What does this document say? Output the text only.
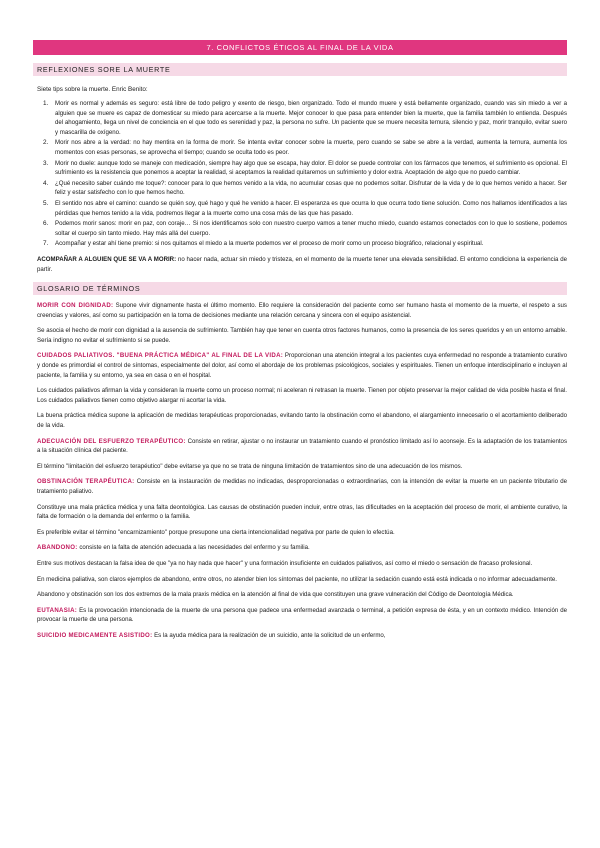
7. CONFLICTOS ÉTICOS AL FINAL DE LA VIDA
REFLEXIONES SORE LA MUERTE
Siete tips sobre la muerte. Enric Benito:
1. Morir es normal y además es seguro: está libre de todo peligro y exento de riesgo, bien organizado. Todo el mundo muere y está bellamente organizado, cuando vas sin miedo a ver a alguien que se muere es capaz de domesticar su miedo para acercarse a la muerte. Mejor conocer lo que pasa para entender bien la muerte, que la familia también lo entienda. Después del ahogamiento, llega un nivel de conciencia en el que todo es serenidad y paz, la persona no sufre. Un paciente que se muere necesita ternura, silencio y paz, morir tranquilo, evitar suero y mascarilla de oxígeno.
2. Morir nos abre a la verdad: no hay mentira en la forma de morir. Se intenta evitar conocer sobre la muerte, pero cuando se sabe se abre a la verdad, aumenta la ternura, aumenta los momentos con esas personas, se aprovecha el tiempo; cuando se oculta todo es peor.
3. Morir no duele: aunque todo se maneje con medicación, siempre hay algo que se escapa, hay dolor. El dolor se puede controlar con los fármacos que tenemos, el sufrimiento es opcional. El sufrimiento es la resistencia que ponemos a aceptar la realidad, si aceptamos la realidad quitaremos un sufrimiento y dolor extra. Aceptación de algo que no puedo cambiar.
4. ¿Qué necesito saber cuándo me toque?: conocer para lo que hemos venido a la vida, no acumular cosas que no podemos soltar. Disfrutar de la vida y de lo que hemos venido a hacer. Ser feliz y estar satisfecho con lo que hemos hecho.
5. El sentido nos abre el camino: cuando se quién soy, qué hago y qué he venido a hacer. El esperanza es que ocurra lo que ocurra todo tiene solución. Como nos hallamos identificados a las pérdidas que hemos tenido a la vida, podremos llegar a la muerte como una cosa más de las que has pasado.
6. Podemos morir sanos: morir en paz, con coraje… Si nos identificamos solo con nuestro cuerpo vamos a tener mucho miedo, cuando estamos conectados con lo que lo sostiene, podemos soltar el cuerpo sin tanto miedo. Hay más allá del cuerpo.
7. Acompañar y estar ahí tiene premio: si nos quitamos el miedo a la muerte podemos ver el proceso de morir como un proceso biográfico, relacional y espiritual.

ACOMPAÑAR A ALGUIEN QUE SE VA A MORIR: no hacer nada, actuar sin miedo y tristeza, en el momento de la muerte tener una elevada sensibilidad. El entorno condiciona la experiencia de partir.

GLOSARIO DE TÉRMINOS

MORIR CON DIGNIDAD: Supone vivir dignamente hasta el último momento. Ello requiere la consideración del paciente como ser humano hasta el momento de la muerte, el respeto a sus creencias y valores, así como su participación en la toma de decisiones mediante una relación cercana y sincera con el equipo asistencial.

Se asocia el hecho de morir con dignidad a la ausencia de sufrimiento. También hay que tener en cuenta otros factores humanos, como la presencia de los seres queridos y en un entorno amable. Sería indigno no evitar el sufrimiento si se puede.

CUIDADOS PALIATIVOS. "BUENA PRÁCTICA MÉDICA" AL FINAL DE LA VIDA: Proporcionan una atención integral a los pacientes cuya enfermedad no responde a tratamiento curativo y donde es primordial el control de síntomas, especialmente del dolor, así como el abordaje de los problemas psicológicos, sociales y espirituales. Tienen un enfoque interdisciplinario e incluyen al paciente, la familia y su entorno, ya sea en casa o en el hospital.

Los cuidados paliativos afirman la vida y consideran la muerte como un proceso normal; ni aceleran ni retrasan la muerte. Tienen por objeto preservar la mejor calidad de vida posible hasta el final. Los cuidados paliativos tienen como objetivo alargar ni acortar la vida.

La buena práctica médica supone la aplicación de medidas terapéuticas proporcionadas, evitando tanto la obstinación como el abandono, el alargamiento innecesario o el acortamiento deliberado de la vida.

ADECUACIÓN DEL ESFUERZO TERAPÉUTICO: Consiste en retirar, ajustar o no instaurar un tratamiento cuando el pronóstico limitado así lo aconseje. Es la adaptación de los tratamientos a la situación clínica del paciente.

El término "limitación del esfuerzo terapéutico" debe evitarse ya que no se trata de ninguna limitación de tratamientos sino de una adecuación de los mismos.

OBSTINACIÓN TERAPÉUTICA: Consiste en la instauración de medidas no indicadas, desproporcionadas o extraordinarias, con la intención de evitar la muerte en un paciente tributario de tratamiento paliativo.

Constituye una mala práctica médica y una falta deontológica. Las causas de obstinación pueden incluir, entre otras, las dificultades en la aceptación del proceso de morir, el ambiente curativo, la falta de formación o la demanda del enfermo o la familia.

Es preferible evitar el término "encarnizamiento" porque presupone una cierta intencionalidad negativa por parte de quien lo efectúa.

ABANDONO: consiste en la falta de atención adecuada a las necesidades del enfermo y su familia.

Entre sus motivos destacan la falsa idea de que "ya no hay nada que hacer" y una formación insuficiente en cuidados paliativos, así como el miedo o sensación de fracaso profesional.

En medicina paliativa, son claros ejemplos de abandono, entre otros, no atender bien los síntomas del paciente, no utilizar la sedación cuando está está indicada o no informar adecuadamente.

Abandono y obstinación son los dos extremos de la mala praxis médica en la atención al final de vida que constituyen una grave vulneración del Código de Deontología Médica.

EUTANASIA: Es la provocación intencionada de la muerte de una persona que padece una enfermedad avanzada o terminal, a petición expresa de ésta, y en un contexto médico. Intención de provocar la muerte de una persona.

SUICIDIO MEDICAMENTE ASISTIDO: Es la ayuda médica para la realización de un suicidio, ante la solicitud de un enfermo,
